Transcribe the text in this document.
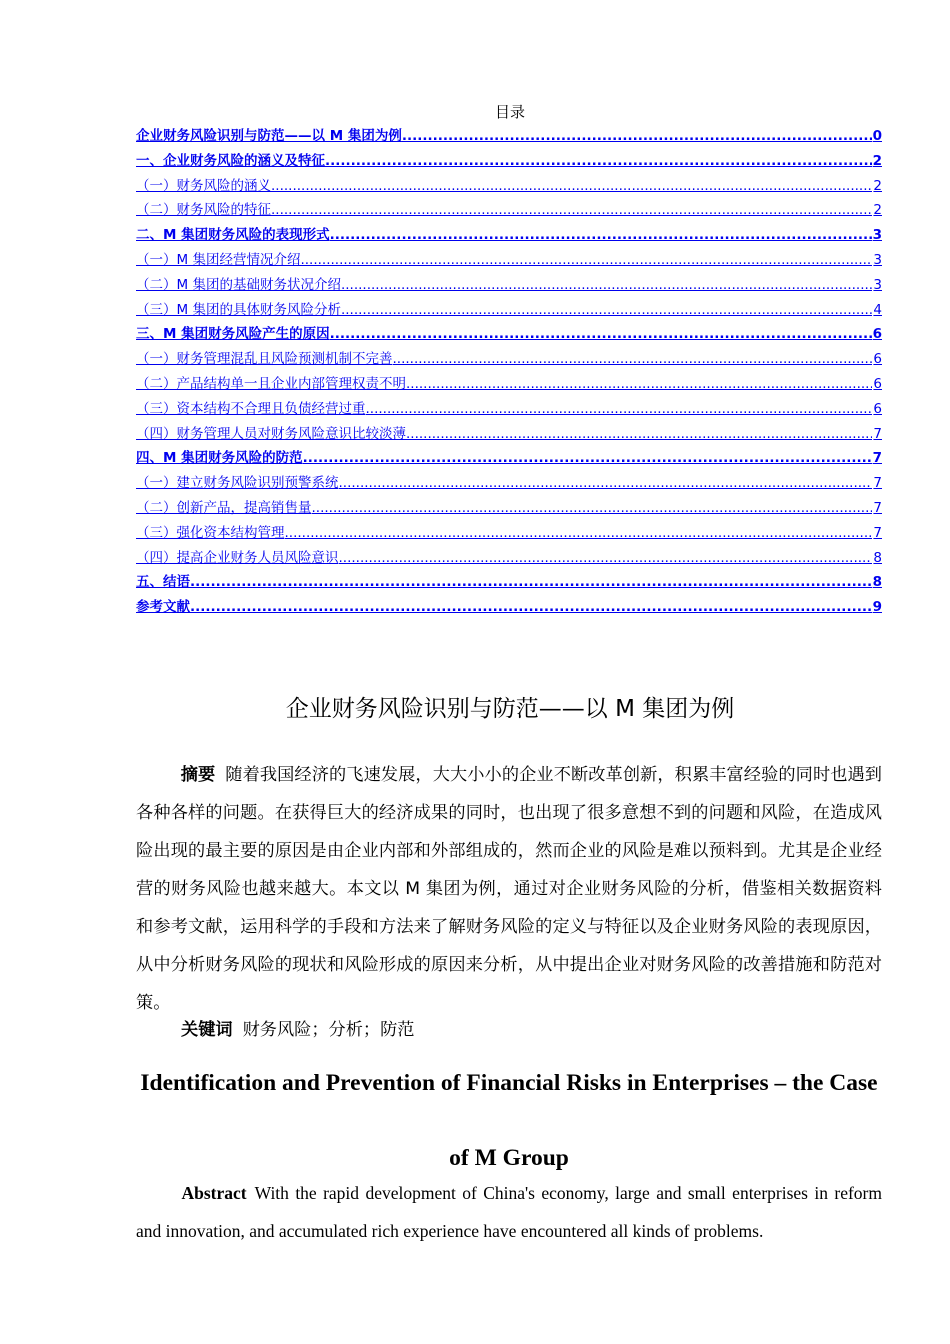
目录
企业财务风险识别与防范——以 M 集团为例 .....	0
一、企业财务风险的涵义及特征 .....	2
（一）财务风险的涵义 .....	2
（二）财务风险的特征 .....	2
二、M 集团财务风险的表现形式 .....	3
（一）M 集团经营情况介绍 .....	3
（二）M 集团的基础财务状况介绍 .....	3
（三）M 集团的具体财务风险分析 .....	4
三、M 集团财务风险产生的原因 .....	6
（一）财务管理混乱且风险预测机制不完善 .....	6
（二）产品结构单一且企业内部管理权责不明 .....	6
（三）资本结构不合理且负债经营过重 .....	6
（四）财务管理人员对财务风险意识比较淡薄 .....	7
四、M 集团财务风险的防范 .....	7
（一）建立财务风险识别预警系统 .....	7
（二）创新产品，提高销售量 .....	7
（三）强化资本结构管理 .....	7
（四）提高企业财务人员风险意识 .....	8
五、结语 .....	8
参考文献 .....	9
企业财务风险识别与防范——以 M 集团为例
摘要 随着我国经济的飞速发展，大大小小的企业不断改革创新，积累丰富经验的同时也遇到各种各样的问题。在获得巨大的经济成果的同时，也出现了很多意想不到的问题和风险，在造成风险出现的最主要的原因是由企业内部和外部组成的，然而企业的风险是难以预料到。尤其是企业经营的财务风险也越来越大。本文以 M 集团为例，通过对企业财务风险的分析，借鉴相关数据资料和参考文献，运用科学的手段和方法来了解财务风险的定义与特征以及企业财务风险的表现原因，从中分析财务风险的现状和风险形成的原因来分析，从中提出企业对财务风险的改善措施和防范对策。
关键词 财务风险；分析；防范
Identification and Prevention of Financial Risks in Enterprises – the Case of M Group
Abstract With the rapid development of China's economy, large and small enterprises in reform and innovation, and accumulated rich experience have encountered all kinds of problems.
